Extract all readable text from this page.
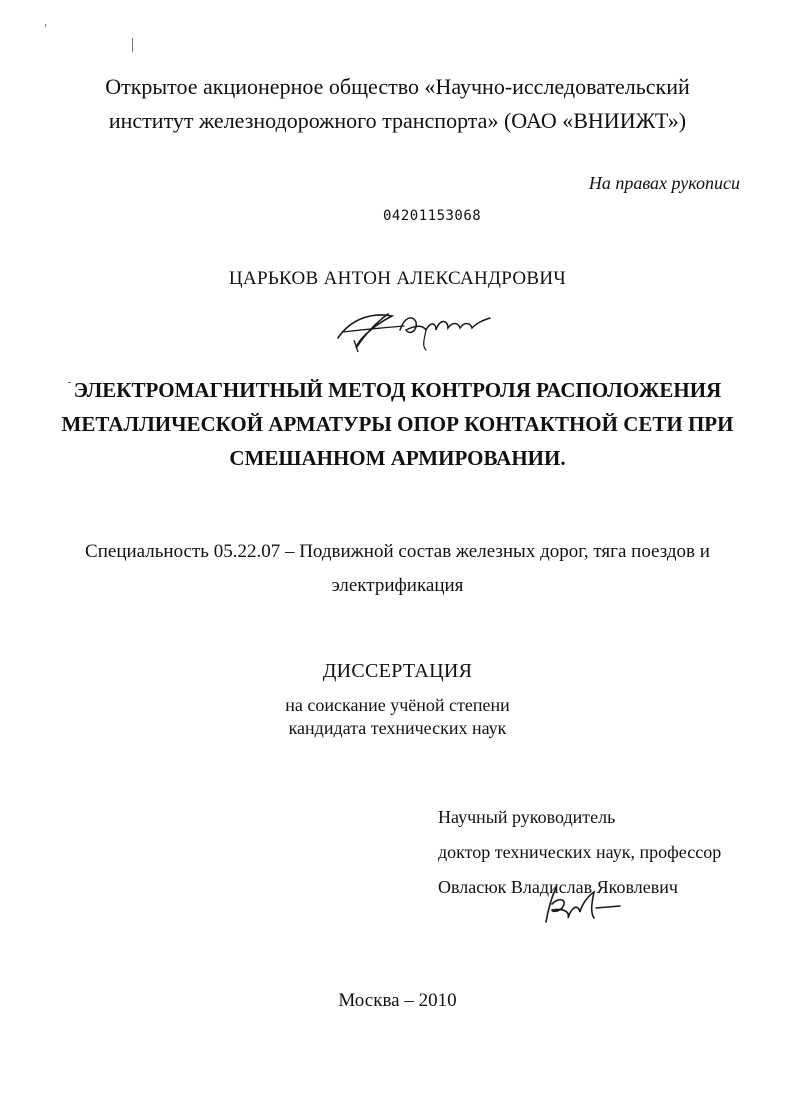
Открытое акционерное общество «Научно-исследовательский
институт железнодорожного транспорта» (ОАО «ВНИИЖТ»)
На правах рукописи
04201153068
ЦАРЬКОВ АНТОН АЛЕКСАНДРОВИЧ
ЭЛЕКТРОМАГНИТНЫЙ МЕТОД КОНТРОЛЯ РАСПОЛОЖЕНИЯ
МЕТАЛЛИЧЕСКОЙ АРМАТУРЫ ОПОР КОНТАКТНОЙ СЕТИ ПРИ
СМЕШАННОМ АРМИРОВАНИИ.
Специальность 05.22.07 – Подвижной состав железных дорог, тяга поездов и
электрификация
ДИССЕРТАЦИЯ
на соискание учёной степени
кандидата технических наук
Научный руководитель
доктор технических наук, профессор
Овласюк Владислав Яковлевич
Москва – 2010
